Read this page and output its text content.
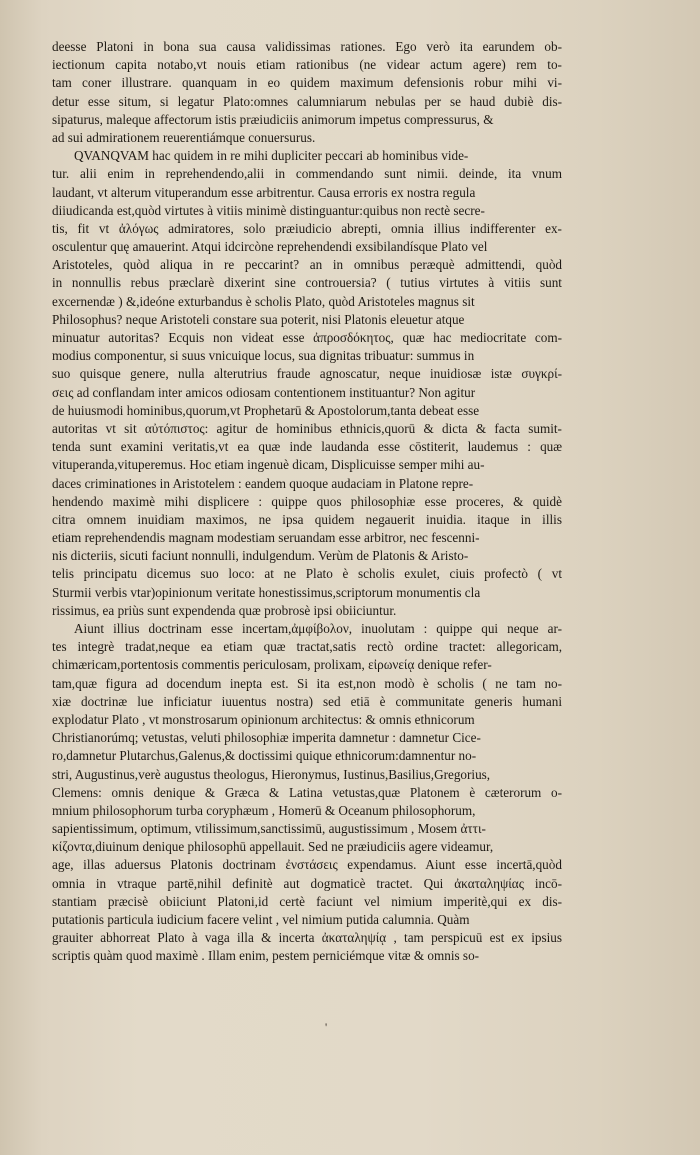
deesse Platoni in bona sua causa validissimas rationes. Ego verò ita earundem ob-
iectionum capita notabo,vt nouis etiam rationibus (ne videar actum agere) rem to-
tam coner illustrare. quanquam in eo quidem maximum defensionis robur mihi vi-
detur esse situm, si legatur Plato:omnes calumniarum nebulas per se haud dubiè dis-
sipaturus, maleque affectorum istis præiudiciis animorum impetus compressurus, &
ad sui admirationem reuerentiámque conuersurus.
QVANQVAM hac quidem in re mihi dupliciter peccari ab hominibus vide-
tur. alii enim in reprehendendo,alii in commendando sunt nimii. deinde, ita vnum
laudant, vt alterum vituperandum esse arbitrentur. Causa erroris ex nostra regula
diiudicanda est,quòd virtutes à vitiis minimè distinguantur:quibus non rectè secre-
tis, fit vt ἀλόγως admiratores, solo præiudicio abrepti, omnia illius indifferenter ex-
osculentur quę amauerint. Atqui idcircòne reprehendendi exsibilandísque Plato vel
Aristoteles, quòd aliqua in re peccarint? an in omnibus peræquè admittendi, quòd
in nonnullis rebus præclarè dixerint sine controuersia? ( tutius virtutes à vitiis sunt
excernendæ ) &,ideóne exturbandus è scholis Plato, quòd Aristoteles magnus sit
Philosophus? neque Aristoteli constare sua poterit, nisi Platonis eleuetur atque
minuatur autoritas? Ecquis non videat esse ἀπροσδόκητος, quæ hac mediocritate com-
modius componentur, si suus vnicuique locus, sua dignitas tribuatur: summus in
suo quisque genere, nulla alterutrius fraude agnoscatur, neque inuidiosæ istæ συγκρί-
σεις ad conflandam inter amicos odiosam contentionem instituantur? Non agitur
de huiusmodi hominibus,quorum,vt Prophetarū & Apostolorum,tanta debeat esse
autoritas vt sit αὐτόπιστος: agitur de hominibus ethnicis,quorū & dicta & facta sumit-
tenda sunt examini veritatis,vt ea quæ inde laudanda esse cōstiterit, laudemus : quæ
vituperanda,vituperemus. Hoc etiam ingenuè dicam, Displicuisse semper mihi au-
daces criminationes in Aristotelem : eandem quoque audaciam in Platone repre-
hendendo maximè mihi displicere : quippe quos philosophiæ esse proceres, & quidè
citra omnem inuidiam maximos, ne ipsa quidem negauerit inuidia. itaque in illis
etiam reprehendendis magnam modestiam seruandam esse arbitror, nec fescenni-
nis dicteriis, sicuti faciunt nonnulli, indulgendum. Verùm de Platonis & Aristo-
telis principatu dicemus suo loco: at ne Plato è scholis exulet, ciuis profectò ( vt
Sturmii verbis vtar)opinionum veritate honestissimus,scriptorum monumentis cla
rissimus, ea priùs sunt expendenda quæ probrosè ipsi obiiciuntur.
Aiunt illius doctrinam esse incertam,ἀμφίβολον, inuolutam : quippe qui neque ar-
tes integrè tradat,neque ea etiam quæ tractat,satis rectò ordine tractet: allegoricam,
chimæricam,portentosis commentis periculosam, prolixam, εἰρωνείᾳ denique refer-
tam,quæ figura ad docendum inepta est. Si ita est,non modò è scholis ( ne tam no-
xiæ doctrinæ lue inficiatur iuuentus nostra) sed etiā è communitate generis humani
explodatur Plato , vt monstrosarum opinionum architectus: & omnis ethnicorum
Christianorúmq; vetustas, veluti philosophiæ imperita damnetur : damnetur Cice-
ro,damnetur Plutarchus,Galenus,& doctissimi quique ethnicorum:damnentur no-
stri, Augustinus,verè augustus theologus, Hieronymus, Iustinus,Basilius,Gregorius,
Clemens: omnis denique & Græca & Latina vetustas,quæ Platonem è cæterorum o-
mnium philosophorum turba coryphæum , Homerū & Oceanum philosophorum,
sapientissimum, optimum, vtilissimum,sanctissimū, augustissimum , Mosem ἀττι-
κίζοντα,diuinum denique philosophū appellauit. Sed ne præiudiciis agere videamur,
age, illas aduersus Platonis doctrinam ἐνστάσεις expendamus. Aiunt esse incertā,quòd
omnia in vtraque partē,nihil definitè aut dogmaticè tractet. Qui ἀκαταληψίας incō-
stantiam præcisè obiiciunt Platoni,id certè faciunt vel nimium imperitè,qui ex dis-
putationis particula iudicium facere velint , vel nimium putida calumnia. Quàm
grauiter abhorreat Plato à vaga illa & incerta ἀκαταληψίᾳ , tam perspicuū est ex ipsius
scriptis quàm quod maximè . Illam enim, pestem perniciémque vitæ & omnis so-
'
